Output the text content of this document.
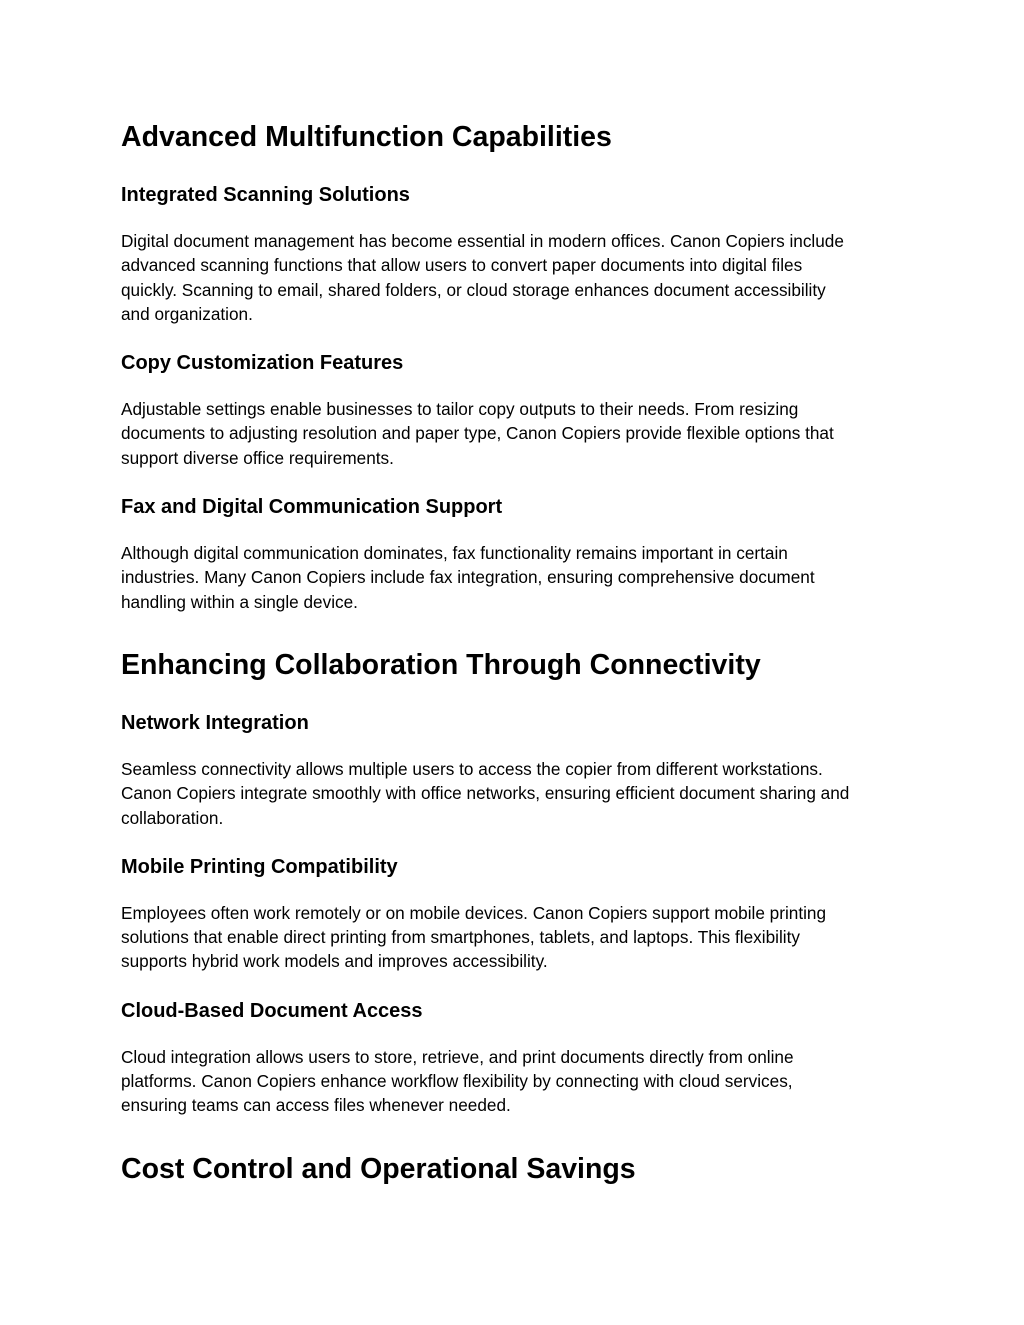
Advanced Multifunction Capabilities
Integrated Scanning Solutions

Digital document management has become essential in modern offices. Canon Copiers include
advanced scanning functions that allow users to convert paper documents into digital files
quickly. Scanning to email, shared folders, or cloud storage enhances document accessibility
and organization.

Copy Customization Features

Adjustable settings enable businesses to tailor copy outputs to their needs. From resizing
documents to adjusting resolution and paper type, Canon Copiers provide flexible options that
support diverse office requirements.

Fax and Digital Communication Support

Although digital communication dominates, fax functionality remains important in certain
industries. Many Canon Copiers include fax integration, ensuring comprehensive document
handling within a single device.

Enhancing Collaboration Through Connectivity
Network Integration

Seamless connectivity allows multiple users to access the copier from different workstations.
Canon Copiers integrate smoothly with office networks, ensuring efficient document sharing and
collaboration.

Mobile Printing Compatibility

Employees often work remotely or on mobile devices. Canon Copiers support mobile printing
solutions that enable direct printing from smartphones, tablets, and laptops. This flexibility
supports hybrid work models and improves accessibility.

Cloud-Based Document Access

Cloud integration allows users to store, retrieve, and print documents directly from online
platforms. Canon Copiers enhance workflow flexibility by connecting with cloud services,
ensuring teams can access files whenever needed.

Cost Control and Operational Savings
